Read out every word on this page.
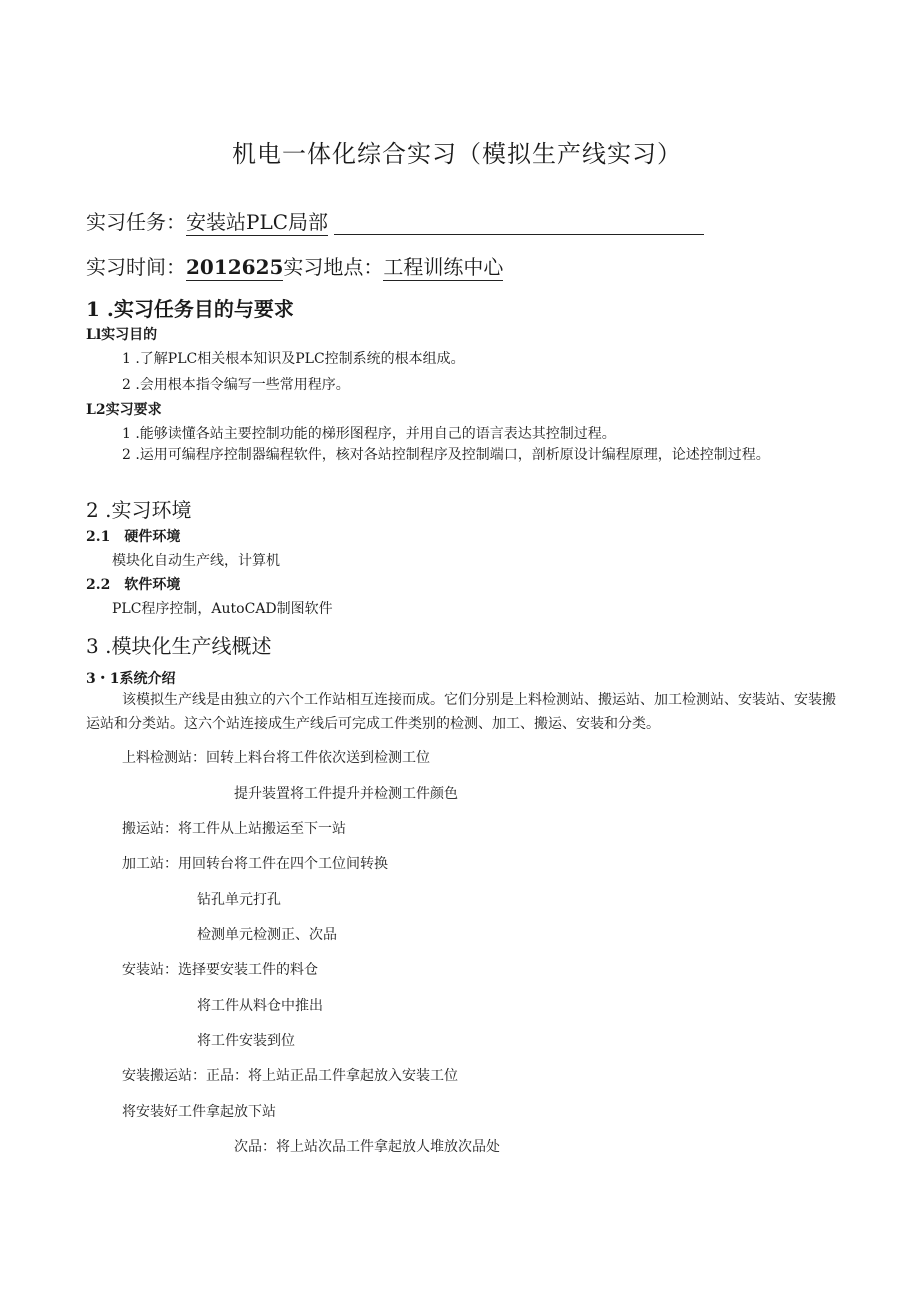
机电一体化综合实习（模拟生产线实习）
实习任务：安装站PLC局部
实习时间：2012625实习地点：工程训练中心
1 .实习任务目的与要求
Ll实习目的
1 .了解PLC相关根本知识及PLC控制系统的根本组成。
2 .会用根本指令编写一些常用程序。
L2实习要求
1 .能够读懂各站主要控制功能的梯形图程序，并用自己的语言表达其控制过程。
2 .运用可编程序控制器编程软件，核对各站控制程序及控制端口，剖析原设计编程原理，论述控制过程。
2 .实习环境
2.1　硬件环境
模块化自动生产线，计算机
2.2　软件环境
PLC程序控制，AutoCAD制图软件
3 .模块化生产线概述
3・1系统介绍
该模拟生产线是由独立的六个工作站相互连接而成。它们分别是上料检测站、搬运站、加工检测站、安装站、安装搬运站和分类站。这六个站连接成生产线后可完成工件类别的检测、加工、搬运、安装和分类。
上料检测站：回转上料台将工件依次送到检测工位
提升装置将工件提升并检测工件颜色
搬运站：将工件从上站搬运至下一站
加工站：用回转台将工件在四个工位间转换
钻孔单元打孔
检测单元检测正、次品
安装站：选择要安装工件的料仓
将工件从料仓中推出
将工件安装到位
安装搬运站：正品：将上站正品工件拿起放入安装工位
将安装好工件拿起放下站
次品：将上站次品工件拿起放人堆放次品处
